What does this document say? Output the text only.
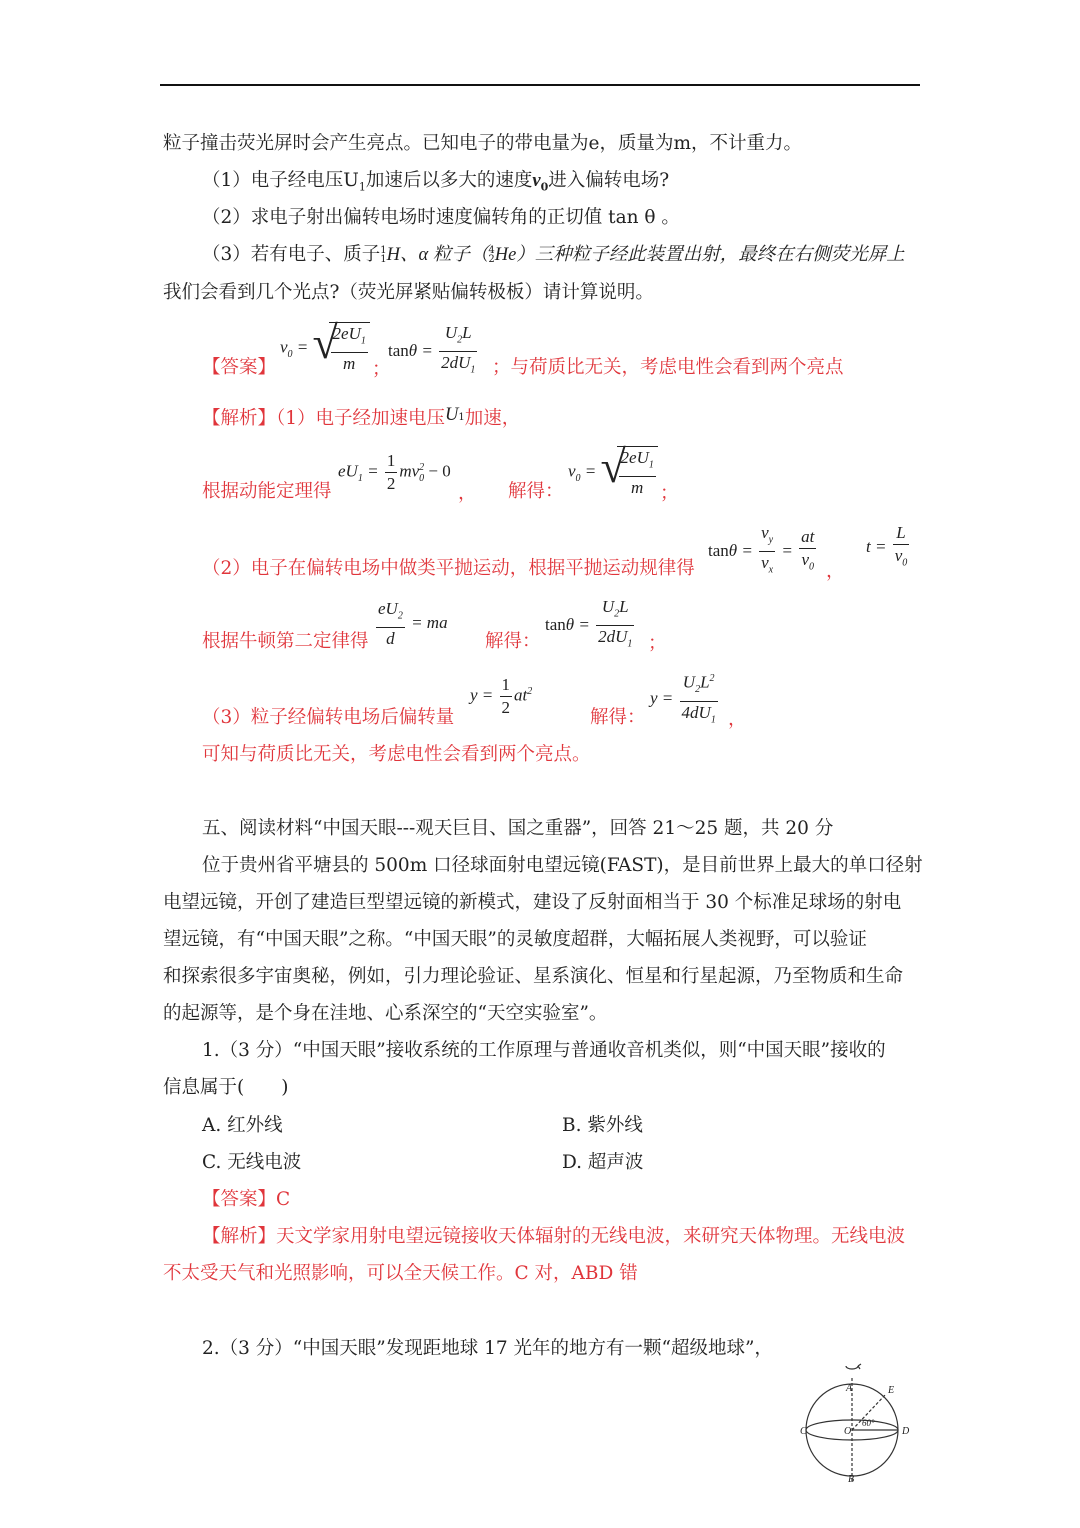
粒子撞击荧光屏时会产生亮点。已知电子的带电量为e，质量为m，不计重力。
（1）电子经电压$U_1$加速后以多大的速度$v_0$进入偏转电场?
（2）求电子射出偏转电场时速度偏转角的正切值 tan θ 。
（3）若有电子、质子1
1H、α 粒子（4
2He）三种粒子经此装置出射，最终在右侧荧光屏上
我们会看到几个光点?（荧光屏紧贴偏转极板）请计算说明。
【答案】
$v_0$ = √
$\frac{2eU_1}{m}$ ；
$\tan\theta = \frac{U_2L}{2dU_1}$ ；与荷质比无关，考虑电性会看到两个亮点
【解析】（1）电子经加速电压$U_1$加速，
根据动能定理得
$eU_1 = \frac{1}{2} mv_0^2 - 0$
， 解得：
$v_0$ = √
$\frac{2eU_1}{m}$ ；
（2）电子在偏转电场中做类平抛运动，根据平抛运动规律得
$\tan\theta = \frac{v_y}{v_x} = \frac{at}{v_0}$ ，
$t = \frac{L}{v_0}$
根据牛顿第二定律得 $\frac{eU_2}{d}$ = ma
解得：
$\tan\theta = \frac{U_2L}{2dU_1}$ ；
（3）粒子经偏转电场后偏转量
$y = \frac{1}{2} at^2$
解得：
$y = \frac{U_2L^2}{4dU_1}$ ，
可知与荷质比无关，考虑电性会看到两个亮点。
五、阅读材料“中国天眼---观天巨目、国之重器”，回答 21～25 题，共 20 分
位于贵州省平塘县的 500m 口径球面射电望远镜(FAST)，是目前世界上最大的单口径射
电望远镜，开创了建造巨型望远镜的新模式，建设了反射面相当于 30 个标准足球场的射电
望远镜，有“中国天眼”之称。“中国天眼”的灵敏度超群，大幅拓展人类视野，可以验证
和探索很多宇宙奥秘，例如，引力理论验证、星系演化、恒星和行星起源，乃至物质和生命
的起源等，是个身在洼地、心系深空的“天空实验室”。
1.（3 分）“中国天眼”接收系统的工作原理与普通收音机类似，则“中国天眼”接收的
信息属于(　　)
A. 红外线	B. 紫外线
C. 无线电波	D. 超声波
【答案】C
【解析】天文学家用射电望远镜接收天体辐射的无线电波，来研究天体物理。无线电波
不太受天气和光照影响，可以全天候工作。C 对，ABD 错
2.（3 分）“中国天眼”发现距地球 17 光年的地方有一颗“超级地球”，
A
B
C	D
E
O
60°
